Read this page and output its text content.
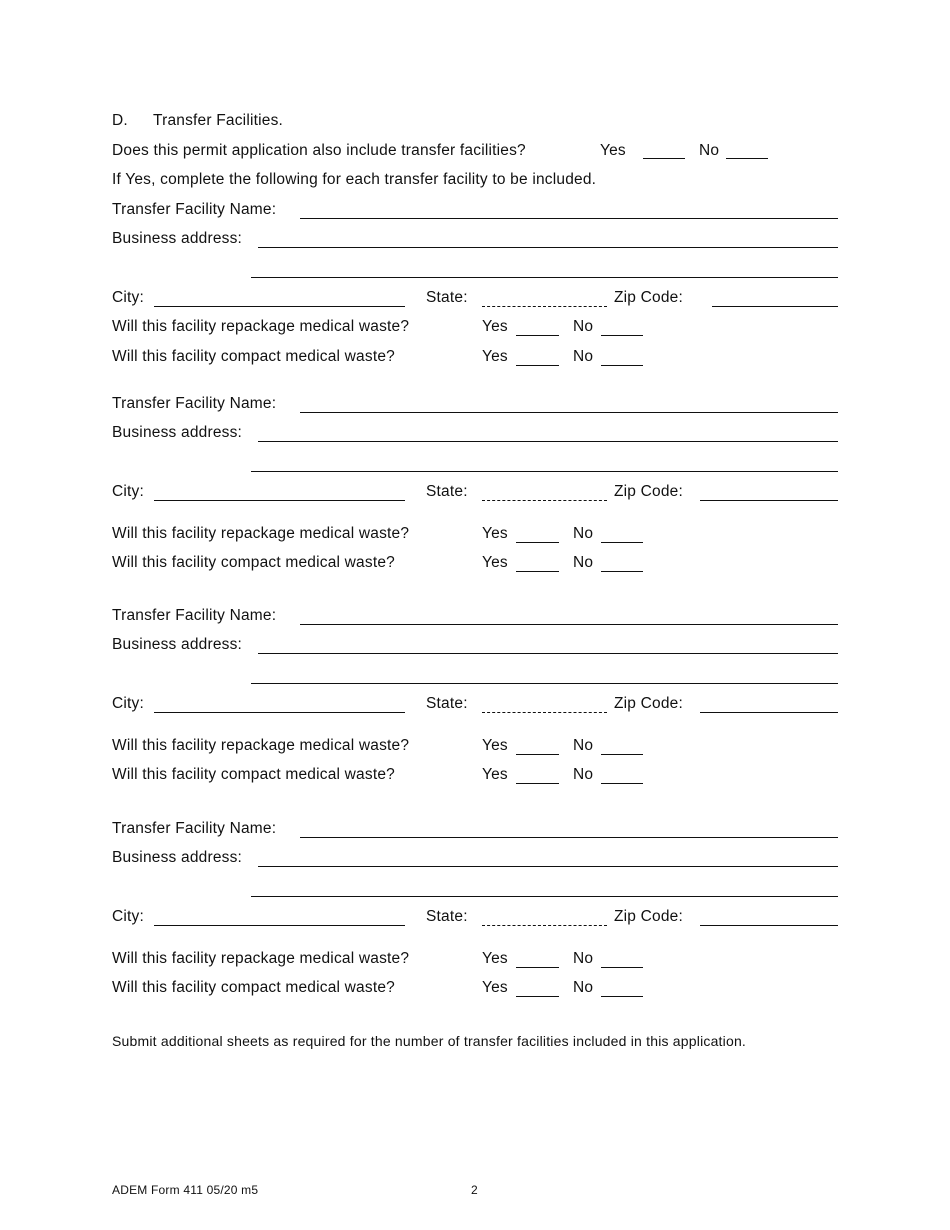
D. Transfer Facilities.
Does this permit application also include transfer facilities?	Yes	No
If Yes, complete the following for each transfer facility to be included.
Transfer Facility Name:
Business address:
City:	State:	Zip Code:
Will this facility repackage medical waste?	Yes	No
Will this facility compact medical waste?	Yes	No
Transfer Facility Name:
Business address:
City:	State:	Zip Code:
Will this facility repackage medical waste?	Yes	No
Will this facility compact medical waste?	Yes	No
Transfer Facility Name:
Business address:
City:	State:	Zip Code:
Will this facility repackage medical waste?	Yes	No
Will this facility compact medical waste?	Yes	No
Transfer Facility Name:
Business address:
City:	State:	Zip Code:
Will this facility repackage medical waste?	Yes	No
Will this facility compact medical waste?	Yes	No
Submit additional sheets as required for the number of transfer facilities included in this application.
ADEM Form 411 05/20 m5	2
